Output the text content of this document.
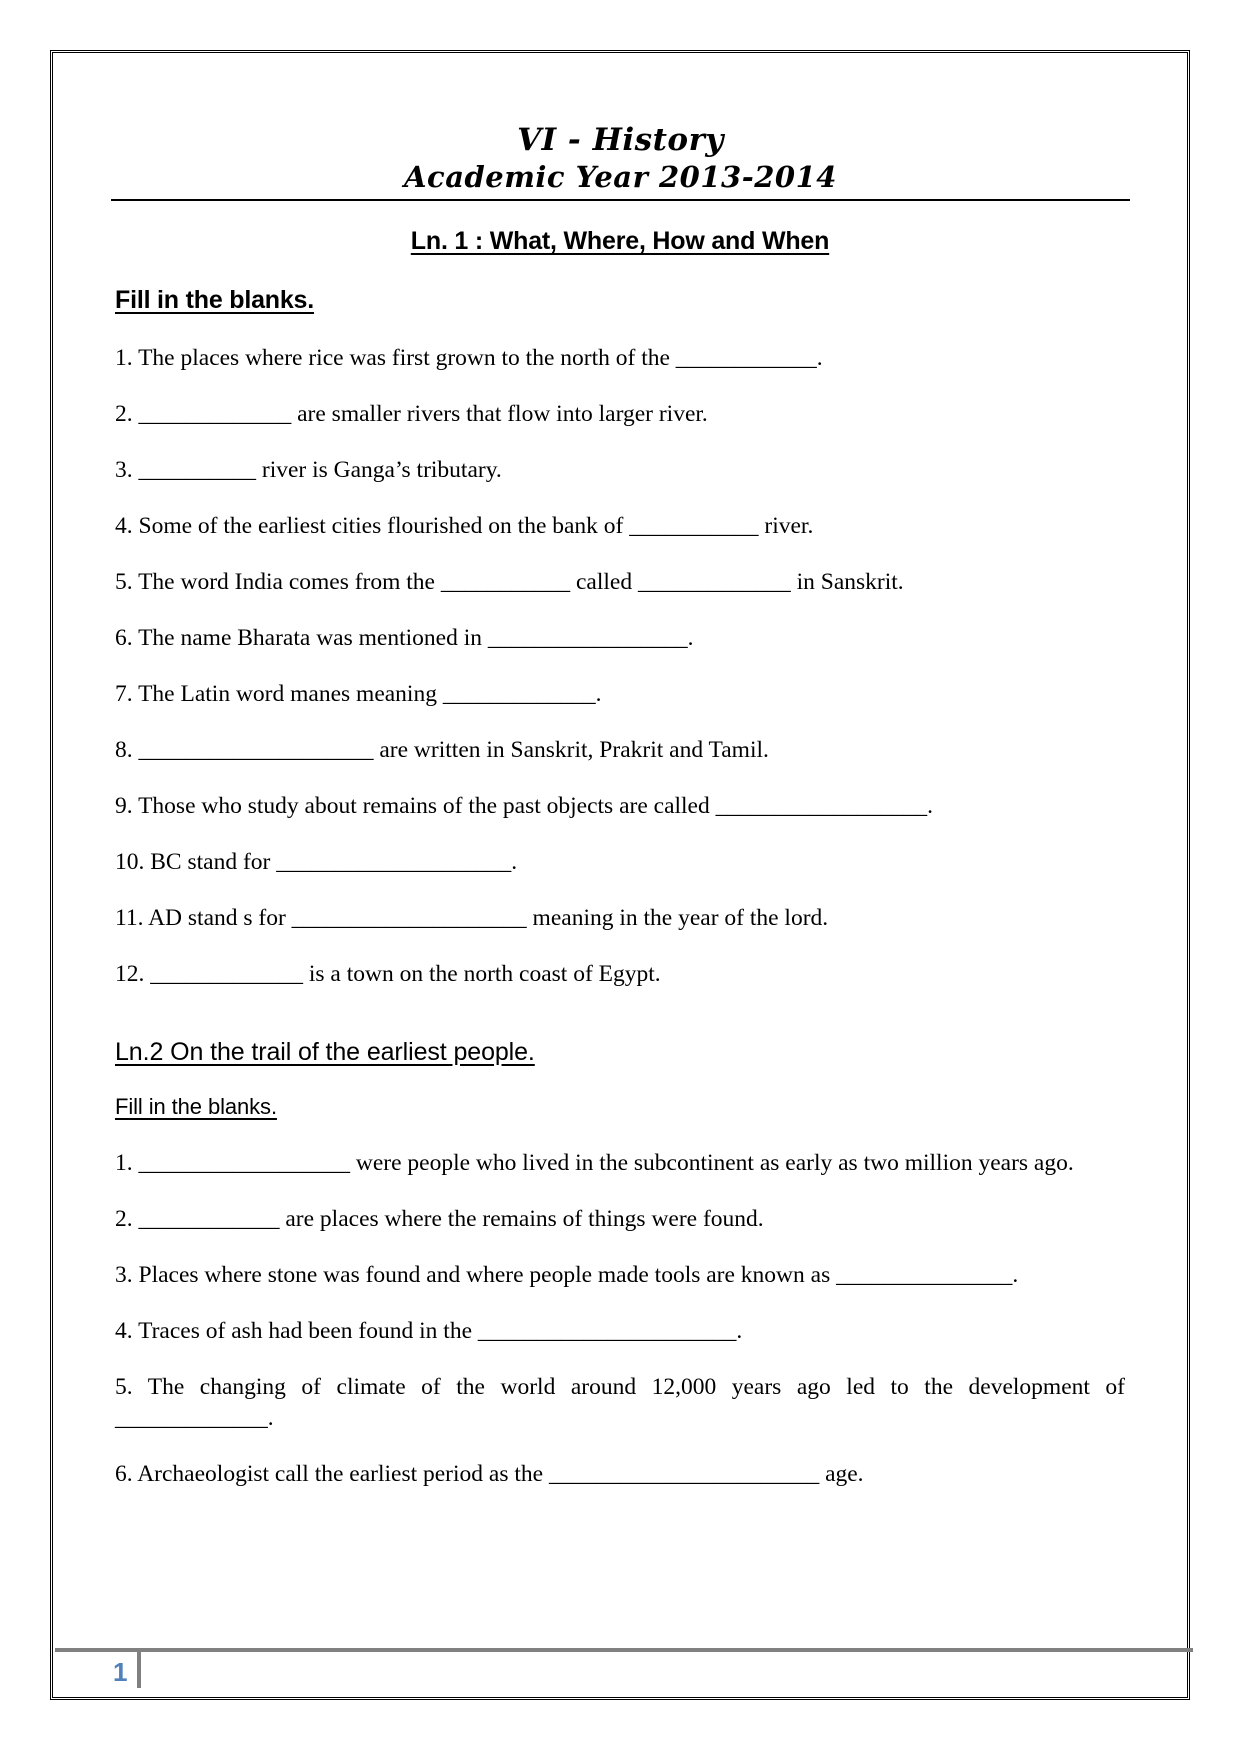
VI - History
Academic Year 2013-2014
Ln. 1 : What, Where, How and When
Fill in the blanks.
1. The places where rice was first grown to the north of the ____________.
2. _____________ are smaller rivers that flow into larger river.
3. __________ river is Ganga’s tributary.
4. Some of the earliest cities flourished on the bank of ___________ river.
5. The word India comes from the ___________ called _____________ in Sanskrit.
6. The name Bharata was mentioned in _________________.
7. The Latin word manes meaning _____________.
8. ____________________ are written in Sanskrit, Prakrit and Tamil.
9. Those who study about remains of the past objects are called __________________.
10. BC stand for ____________________.
11. AD stand s for ____________________ meaning in the year of the lord.
12. _____________ is a town on the north coast of Egypt.
Ln.2 On the trail of the earliest people.
Fill in the blanks.
1. __________________ were people who lived in the subcontinent as early as two million years ago.
2. ____________ are places where the remains of things were found.
3. Places where stone was found and where people made tools are known as _______________.
4. Traces of ash had been found in the ______________________.
5. The changing of climate of the world around 12,000 years ago led to the development of _____________.
6. Archaeologist call the earliest period as the _______________________ age.
1
